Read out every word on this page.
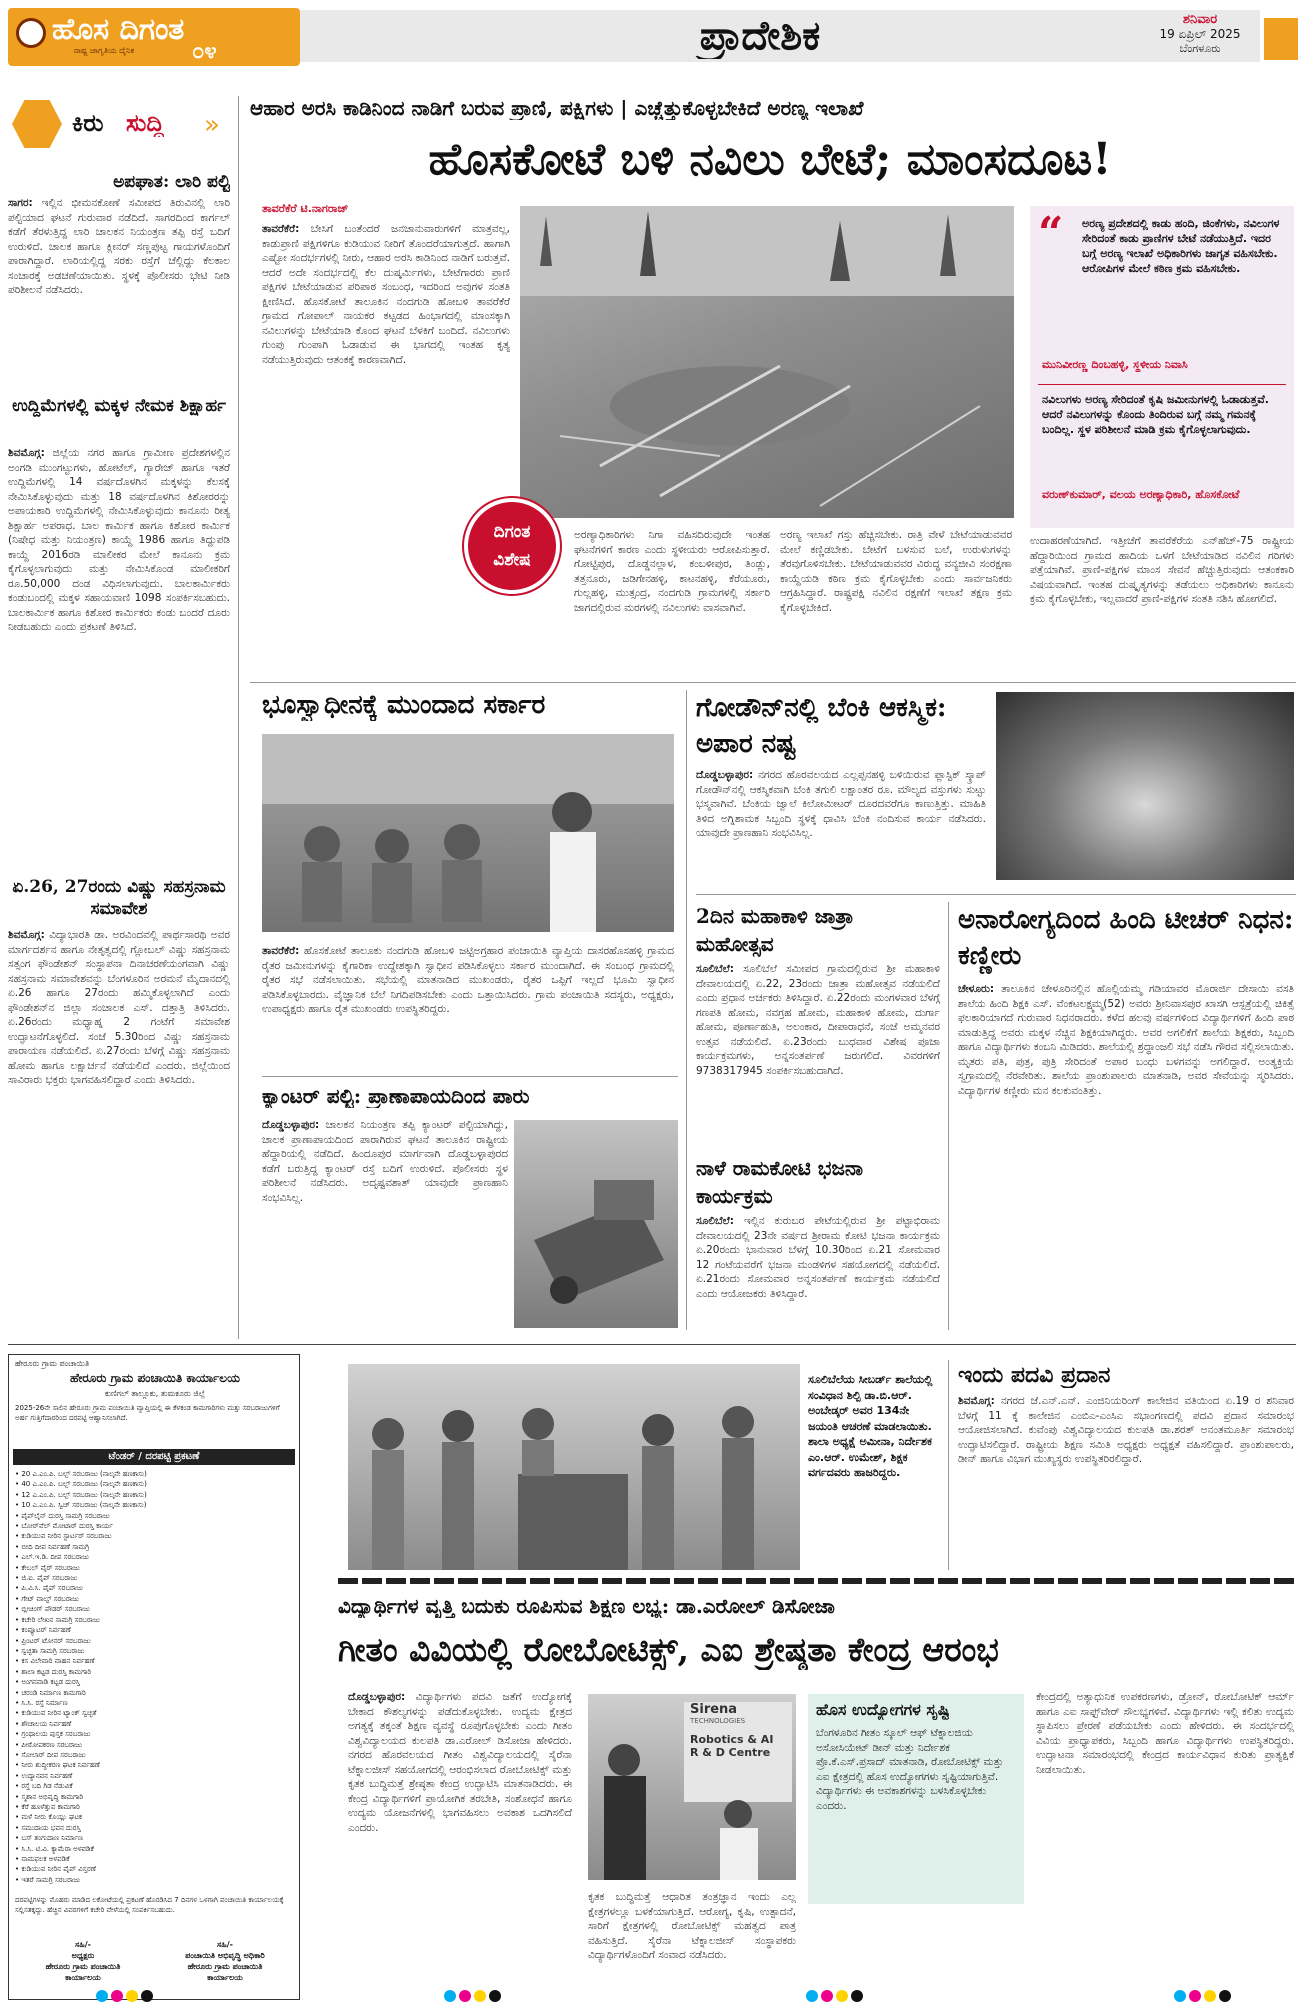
ಹೊಸ ದಿಗಂತ
ರಾಷ್ಟ್ರ ಜಾಗೃತಿಯ ದೈನಿಕ	೦೪	ಪ್ರಾದೇಶಿಕ	ಶನಿವಾರ
19 ಏಪ್ರಿಲ್ 2025
ಬೆಂಗಳೂರು
ಕಿರು ಸುದ್ದಿ »
ಅಪಘಾತ: ಲಾರಿ ಪಲ್ಟಿ
ಸಾಗರ: ಇಲ್ಲಿನ ಭೀಮನಕೋಣೆ ಸಮೀಪದ ತಿರುವಿನಲ್ಲಿ ಲಾರಿ ಪಲ್ಟಿಯಾದ ಘಟನೆ ಗುರುವಾರ ನಡೆದಿದೆ. ಸಾಗರದಿಂದ ಕಾರ್ಗಲ್ ಕಡೆಗೆ ತೆರಳುತ್ತಿದ್ದ ಲಾರಿ ಚಾಲಕನ ನಿಯಂತ್ರಣ ತಪ್ಪಿ ರಸ್ತೆ ಬದಿಗೆ ಉರುಳಿದೆ. ಚಾಲಕ ಹಾಗೂ ಕ್ಲೀನರ್ ಸಣ್ಣಪುಟ್ಟ ಗಾಯಗಳೊಂದಿಗೆ ಪಾರಾಗಿದ್ದಾರೆ. ಲಾರಿಯಲ್ಲಿದ್ದ ಸರಕು ರಸ್ತೆಗೆ ಚೆಲ್ಲಿದ್ದು ಕೆಲಕಾಲ ಸಂಚಾರಕ್ಕೆ ಅಡಚಣೆಯಾಯಿತು. ಸ್ಥಳಕ್ಕೆ ಪೊಲೀಸರು ಭೇಟಿ ನೀಡಿ ಪರಿಶೀಲನೆ ನಡೆಸಿದರು.
ಉದ್ದಿಮೆಗಳಲ್ಲಿ ಮಕ್ಕಳ ನೇಮಕ ಶಿಕ್ಷಾರ್ಹ
ಶಿವಮೊಗ್ಗ: ಜಿಲ್ಲೆಯ ನಗರ ಹಾಗೂ ಗ್ರಾಮೀಣ ಪ್ರದೇಶಗಳಲ್ಲಿನ ಅಂಗಡಿ ಮುಂಗಟ್ಟುಗಳು, ಹೋಟೆಲ್, ಗ್ಯಾರೇಜ್ ಹಾಗೂ ಇತರೆ ಉದ್ದಿಮೆಗಳಲ್ಲಿ 14 ವರ್ಷದೊಳಗಿನ ಮಕ್ಕಳನ್ನು ಕೆಲಸಕ್ಕೆ ನೇಮಿಸಿಕೊಳ್ಳುವುದು ಮತ್ತು 18 ವರ್ಷದೊಳಗಿನ ಕಿಶೋರರನ್ನು ಅಪಾಯಕಾರಿ ಉದ್ದಿಮೆಗಳಲ್ಲಿ ನೇಮಿಸಿಕೊಳ್ಳುವುದು ಕಾನೂನು ರೀತ್ಯ ಶಿಕ್ಷಾರ್ಹ ಅಪರಾಧ. ಬಾಲ ಕಾರ್ಮಿಕ ಹಾಗೂ ಕಿಶೋರ ಕಾರ್ಮಿಕ (ನಿಷೇಧ ಮತ್ತು ನಿಯಂತ್ರಣ) ಕಾಯ್ದೆ 1986 ಹಾಗೂ ತಿದ್ದುಪಡಿ ಕಾಯ್ದೆ 2016ರಡಿ ಮಾಲೀಕರ ಮೇಲೆ ಕಾನೂನು ಕ್ರಮ ಕೈಗೊಳ್ಳಲಾಗುವುದು ಮತ್ತು ನೇಮಿಸಿಕೊಂಡ ಮಾಲೀಕರಿಗೆ ರೂ.50,000 ದಂಡ ವಿಧಿಸಲಾಗುವುದು. ಬಾಲಕಾರ್ಮಿಕರು ಕಂಡುಬಂದಲ್ಲಿ ಮಕ್ಕಳ ಸಹಾಯವಾಣಿ 1098 ಸಂಪರ್ಕಿಸಬಹುದು. ಬಾಲಕಾರ್ಮಿಕ ಹಾಗೂ ಕಿಶೋರ ಕಾರ್ಮಿಕರು ಕಂಡು ಬಂದರೆ ದೂರು ನೀಡಬಹುದು ಎಂದು ಪ್ರಕಟಣೆ ತಿಳಿಸಿದೆ.
ಏ.26, 27ರಂದು ವಿಷ್ಣು ಸಹಸ್ರನಾಮ ಸಮಾವೇಶ
ಶಿವಮೊಗ್ಗ: ವಿದ್ಯಾಭಾರತಿ ಡಾ. ಅರವಿಂದವಲ್ಲಿ ಪಾರ್ಥಸಾರಥಿ ಅವರ ಮಾರ್ಗದರ್ಶನ ಹಾಗೂ ನೇತೃತ್ವದಲ್ಲಿ ಗ್ಲೋಬಲ್ ವಿಷ್ಣು ಸಹಸ್ರನಾಮ ಸತ್ಸಂಗ ಫೌಂಡೇಶನ್ ಸಂಸ್ಥಾಪನಾ ದಿನಾಚರಣೆಯಂಗವಾಗಿ ವಿಷ್ಣು ಸಹಸ್ರನಾಮ ಸಮಾವೇಶವನ್ನು ಬೆಂಗಳೂರಿನ ಅರಮನೆ ಮೈದಾನದಲ್ಲಿ ಏ.26 ಹಾಗೂ 27ರಂದು ಹಮ್ಮಿಕೊಳ್ಳಲಾಗಿದೆ ಎಂದು ಫೌಂಡೇಶನ್‌ನ ಜಿಲ್ಲಾ ಸಂಚಾಲಕ ಎಸ್. ದತ್ತಾತ್ರಿ ತಿಳಿಸಿದರು. ಏ.26ರಂದು ಮಧ್ಯಾಹ್ನ 2 ಗಂಟೆಗೆ ಸಮಾವೇಶ ಉದ್ಘಾಟನೆಗೊಳ್ಳಲಿದೆ. ಸಂಜೆ 5.30ರಿಂದ ವಿಷ್ಣು ಸಹಸ್ರನಾಮ ಪಾರಾಯಣ ನಡೆಯಲಿದೆ. ಏ.27ರಂದು ಬೆಳಗ್ಗೆ ವಿಷ್ಣು ಸಹಸ್ರನಾಮ ಹೋಮ ಹಾಗೂ ಲಕ್ಷಾರ್ಚನೆ ನಡೆಯಲಿದೆ ಎಂದರು. ಜಿಲ್ಲೆಯಿಂದ ಸಾವಿರಾರು ಭಕ್ತರು ಭಾಗವಹಿಸಲಿದ್ದಾರೆ ಎಂದು ತಿಳಿಸಿದರು.
ಆಹಾರ ಅರಸಿ ಕಾಡಿನಿಂದ ನಾಡಿಗೆ ಬರುವ ಪ್ರಾಣಿ, ಪಕ್ಷಿಗಳು | ಎಚ್ಚೆತ್ತುಕೊಳ್ಳಬೇಕಿದೆ ಅರಣ್ಯ ಇಲಾಖೆ
ಹೊಸಕೋಟೆ ಬಳಿ ನವಿಲು ಬೇಟೆ; ಮಾಂಸದೂಟ!
ತಾವರೆಕೆರೆ ಟಿ.ನಾಗರಾಜ್
ತಾವರೆಕೆರೆ: ಬೇಸಿಗೆ ಬಂತೆಂದರೆ ಜನಜಾನುವಾರುಗಳಿಗೆ ಮಾತ್ರವಲ್ಲ, ಕಾಡುಪ್ರಾಣಿ ಪಕ್ಷಿಗಳಿಗೂ ಕುಡಿಯುವ ನೀರಿಗೆ ತೊಂದರೆಯಾಗುತ್ತದೆ. ಹಾಗಾಗಿ ಎಷ್ಟೋ ಸಂದರ್ಭಗಳಲ್ಲಿ ನೀರು, ಆಹಾರ ಅರಸಿ ಕಾಡಿನಿಂದ ನಾಡಿಗೆ ಬರುತ್ತವೆ. ಆದರೆ ಅದೇ ಸಂದರ್ಭದಲ್ಲಿ ಕೆಲ ದುಷ್ಕರ್ಮಿಗಳು, ಬೇಟೆಗಾರರು ಪ್ರಾಣಿ ಪಕ್ಷಿಗಳ ಬೇಟೆಯಾಡುವ ಪರಿಪಾಠ ಸಂಬಂಧ, ಇದರಿಂದ ಅವುಗಳ ಸಂತತಿ ಕ್ಷೀಣಿಸಿದೆ. ಹೊಸಕೋಟೆ ತಾಲೂಕಿನ ನಂದಗುಡಿ ಹೋಬಳಿ ತಾವರೆಕೆರೆ ಗ್ರಾಮದ ಗೋಪಾಲ್ ನಾಯಕರ ಕಟ್ಟಡದ ಹಿಂಭಾಗದಲ್ಲಿ ಮಾಂಸಕ್ಕಾಗಿ ನವಿಲುಗಳನ್ನು ಬೇಟೆಯಾಡಿ ಕೊಂದ ಘಟನೆ ಬೆಳಕಿಗೆ ಬಂದಿದೆ. ನವಿಲುಗಳು ಗುಂಪು ಗುಂಪಾಗಿ ಓಡಾಡುವ ಈ ಭಾಗದಲ್ಲಿ ಇಂತಹ ಕೃತ್ಯ ನಡೆಯುತ್ತಿರುವುದು ಆತಂಕಕ್ಕೆ ಕಾರಣವಾಗಿದೆ.
ದಿಗಂತ
ವಿಶೇಷ
ಅರಣ್ಯಾಧಿಕಾರಿಗಳು ನಿಗಾ ವಹಿಸದಿರುವುದೇ ಇಂತಹ ಘಟನೆಗಳಿಗೆ ಕಾರಣ ಎಂದು ಸ್ಥಳೀಯರು ಆರೋಪಿಸುತ್ತಾರೆ. ಗೋಟ್ಟಿಪುರ, ದೊಡ್ಡನಲ್ಲಾಳ, ಕಂಬಳೀಪುರ, ತಿಂಡ್ಲು, ತತ್ತನೂರು, ಜಡಿಗೇನಹಳ್ಳಿ, ಕಾಟನಹಳ್ಳಿ, ಕೆರೆಯೂರು, ಗುಲ್ಲಹಳ್ಳಿ, ಮುತ್ಸಂದ್ರ, ನಂದಗುಡಿ ಗ್ರಾಮಗಳಲ್ಲಿ ಸರ್ಕಾರಿ ಜಾಗದಲ್ಲಿರುವ ಮರಗಳಲ್ಲಿ ನವಿಲುಗಳು ವಾಸವಾಗಿವೆ.
ಅರಣ್ಯ ಇಲಾಖೆ ಗಸ್ತು ಹೆಚ್ಚಿಸಬೇಕು. ರಾತ್ರಿ ವೇಳೆ ಬೇಟೆಯಾಡುವವರ ಮೇಲೆ ಕಣ್ಣಿಡಬೇಕು. ಬೇಟೆಗೆ ಬಳಸುವ ಬಲೆ, ಉರುಳುಗಳನ್ನು ತೆರವುಗೊಳಿಸಬೇಕು. ಬೇಟೆಯಾಡುವವರ ವಿರುದ್ಧ ವನ್ಯಜೀವಿ ಸಂರಕ್ಷಣಾ ಕಾಯ್ದೆಯಡಿ ಕಠಿಣ ಕ್ರಮ ಕೈಗೊಳ್ಳಬೇಕು ಎಂದು ಸಾರ್ವಜನಿಕರು ಆಗ್ರಹಿಸಿದ್ದಾರೆ. ರಾಷ್ಟ್ರಪಕ್ಷಿ ನವಿಲಿನ ರಕ್ಷಣೆಗೆ ಇಲಾಖೆ ತಕ್ಷಣ ಕ್ರಮ ಕೈಗೊಳ್ಳಬೇಕಿದೆ.
“ ಅರಣ್ಯ ಪ್ರದೇಶದಲ್ಲಿ ಕಾಡು ಹಂದಿ, ಜಿಂಕೆಗಳು, ನವಿಲುಗಳ ಸೇರಿದಂತೆ ಕಾಡು ಪ್ರಾಣಿಗಳ ಬೇಟೆ ನಡೆಯುತ್ತಿದೆ. ಇದರ ಬಗ್ಗೆ ಅರಣ್ಯ ಇಲಾಖೆ ಅಧಿಕಾರಿಗಳು ಜಾಗೃತ ವಹಿಸಬೇಕು. ಆರೋಪಿಗಳ ಮೇಲೆ ಕಠಿಣ ಕ್ರಮ ವಹಿಸಬೇಕು.
ಮುನಿವೀರಣ್ಣ ದಿಂಬಹಳ್ಳಿ, ಸ್ಥಳೀಯ ನಿವಾಸಿ
ನವಿಲುಗಳು ಅರಣ್ಯ ಸೇರಿದಂತೆ ಕೃಷಿ ಜಮೀನುಗಳಲ್ಲಿ ಓಡಾಡುತ್ತವೆ. ಆದರೆ ನವಿಲುಗಳನ್ನು ಕೊಂದು ತಿಂದಿರುವ ಬಗ್ಗೆ ನಮ್ಮ ಗಮನಕ್ಕೆ ಬಂದಿಲ್ಲ. ಸ್ಥಳ ಪರಿಶೀಲನೆ ಮಾಡಿ ಕ್ರಮ ಕೈಗೊಳ್ಳಲಾಗುವುದು.
ವರುಣ್‌ಕುಮಾರ್, ವಲಯ ಅರಣ್ಯಾಧಿಕಾರಿ, ಹೊಸಕೋಟೆ
ಉದಾಹರಣೆಯಾಗಿದೆ. ಇತ್ತೀಚೆಗೆ ತಾವರೆಕೆರೆಯ ಎನ್‌ಹೆಚ್-75 ರಾಷ್ಟ್ರೀಯ ಹೆದ್ದಾರಿಯಿಂದ ಗ್ರಾಮದ ಹಾದಿಯ ಒಳಗೆ ಬೇಟೆಯಾಡಿದ ನವಿಲಿನ ಗರಿಗಳು ಪತ್ತೆಯಾಗಿವೆ. ಪ್ರಾಣಿ-ಪಕ್ಷಿಗಳ ಮಾಂಸ ಸೇವನೆ ಹೆಚ್ಚುತ್ತಿರುವುದು ಆತಂಕಕಾರಿ ವಿಷಯವಾಗಿದೆ. ಇಂತಹ ದುಷ್ಕೃತ್ಯಗಳನ್ನು ತಡೆಯಲು ಅಧಿಕಾರಿಗಳು ಕಾನೂನು ಕ್ರಮ ಕೈಗೊಳ್ಳಬೇಕು, ಇಲ್ಲವಾದರೆ ಪ್ರಾಣಿ-ಪಕ್ಷಿಗಳ ಸಂತತಿ ನಶಿಸಿ ಹೋಗಲಿದೆ.
ಭೂಸ್ವಾಧೀನಕ್ಕೆ ಮುಂದಾದ ಸರ್ಕಾರ
ತಾವರೆಕೆರೆ: ಹೊಸಕೋಟೆ ತಾಲೂಕು ನಂದಗುಡಿ ಹೋಬಳಿ ಜಟ್ಟಿಅಗ್ರಹಾರ ಪಂಚಾಯಿತಿ ವ್ಯಾಪ್ತಿಯ ದಾಸರಹೊಸಹಳ್ಳಿ ಗ್ರಾಮದ ರೈತರ ಜಮೀನುಗಳನ್ನು ಕೈಗಾರಿಕಾ ಉದ್ದೇಶಕ್ಕಾಗಿ ಸ್ವಾಧೀನ ಪಡಿಸಿಕೊಳ್ಳಲು ಸರ್ಕಾರ ಮುಂದಾಗಿದೆ. ಈ ಸಂಬಂಧ ಗ್ರಾಮದಲ್ಲಿ ರೈತರ ಸಭೆ ನಡೆಸಲಾಯಿತು. ಸಭೆಯಲ್ಲಿ ಮಾತನಾಡಿದ ಮುಖಂಡರು, ರೈತರ ಒಪ್ಪಿಗೆ ಇಲ್ಲದೆ ಭೂಮಿ ಸ್ವಾಧೀನ ಪಡಿಸಿಕೊಳ್ಳಬಾರದು. ವೈಜ್ಞಾನಿಕ ಬೆಲೆ ನಿಗದಿಪಡಿಸಬೇಕು ಎಂದು ಒತ್ತಾಯಿಸಿದರು. ಗ್ರಾಮ ಪಂಚಾಯಿತಿ ಸದಸ್ಯರು, ಅಧ್ಯಕ್ಷರು, ಉಪಾಧ್ಯಕ್ಷರು ಹಾಗೂ ರೈತ ಮುಖಂಡರು ಉಪಸ್ಥಿತರಿದ್ದರು.
ಕ್ಯಾಂಟರ್ ಪಲ್ಟಿ: ಪ್ರಾಣಾಪಾಯದಿಂದ ಪಾರು
ದೊಡ್ಡಬಳ್ಳಾಪುರ: ಚಾಲಕನ ನಿಯಂತ್ರಣ ತಪ್ಪಿ ಕ್ಯಾಂಟರ್ ಪಲ್ಟಿಯಾಗಿದ್ದು, ಚಾಲಕ ಪ್ರಾಣಾಪಾಯದಿಂದ ಪಾರಾಗಿರುವ ಘಟನೆ ತಾಲೂಕಿನ ರಾಷ್ಟ್ರೀಯ ಹೆದ್ದಾರಿಯಲ್ಲಿ ನಡೆದಿದೆ. ಹಿಂದೂಪುರ ಮಾರ್ಗವಾಗಿ ದೊಡ್ಡಬಳ್ಳಾಪುರದ ಕಡೆಗೆ ಬರುತ್ತಿದ್ದ ಕ್ಯಾಂಟರ್ ರಸ್ತೆ ಬದಿಗೆ ಉರುಳಿದೆ. ಪೊಲೀಸರು ಸ್ಥಳ ಪರಿಶೀಲನೆ ನಡೆಸಿದರು. ಅದೃಷ್ಟವಶಾತ್ ಯಾವುದೇ ಪ್ರಾಣಹಾನಿ ಸಂಭವಿಸಿಲ್ಲ.
ಗೋಡೌನ್‌ನಲ್ಲಿ ಬೆಂಕಿ ಆಕಸ್ಮಿಕ: ಅಪಾರ ನಷ್ಟ
ದೊಡ್ಡಬಳ್ಳಾಪುರ: ನಗರದ ಹೊರವಲಯದ ಎಲ್ಲಪ್ಪನಹಳ್ಳಿ ಬಳಿಯಿರುವ ಪ್ಲಾಸ್ಟಿಕ್ ಸ್ಕ್ರಾಪ್ ಗೋಡೌನ್‌ನಲ್ಲಿ ಆಕಸ್ಮಿಕವಾಗಿ ಬೆಂಕಿ ತಗುಲಿ ಲಕ್ಷಾಂತರ ರೂ. ಮೌಲ್ಯದ ವಸ್ತುಗಳು ಸುಟ್ಟು ಭಸ್ಮವಾಗಿವೆ. ಬೆಂಕಿಯ ಜ್ವಾಲೆ ಕಿಲೋಮೀಟರ್ ದೂರದವರೆಗೂ ಕಾಣುತ್ತಿತ್ತು. ಮಾಹಿತಿ ತಿಳಿದ ಅಗ್ನಿಶಾಮಕ ಸಿಬ್ಬಂದಿ ಸ್ಥಳಕ್ಕೆ ಧಾವಿಸಿ ಬೆಂಕಿ ನಂದಿಸುವ ಕಾರ್ಯ ನಡೆಸಿದರು. ಯಾವುದೇ ಪ್ರಾಣಹಾನಿ ಸಂಭವಿಸಿಲ್ಲ.
2ದಿನ ಮಹಾಕಾಳಿ ಜಾತ್ರಾ ಮಹೋತ್ಸವ
ಸೂಲಿಬೆಲೆ: ಸೂಲಿಬೆಲೆ ಸಮೀಪದ ಗ್ರಾಮದಲ್ಲಿರುವ ಶ್ರೀ ಮಹಾಕಾಳಿ ದೇವಾಲಯದಲ್ಲಿ ಏ.22, 23ರಂದು ಜಾತ್ರಾ ಮಹೋತ್ಸವ ನಡೆಯಲಿದೆ ಎಂದು ಪ್ರಧಾನ ಅರ್ಚಕರು ತಿಳಿಸಿದ್ದಾರೆ. ಏ.22ರಂದು ಮಂಗಳವಾರ ಬೆಳಗ್ಗೆ ಗಣಪತಿ ಹೋಮ, ನವಗ್ರಹ ಹೋಮ, ಮಹಾಕಾಳಿ ಹೋಮ, ದುರ್ಗಾ ಹೋಮ, ಪೂರ್ಣಾಹುತಿ, ಅಲಂಕಾರ, ದೀಪಾರಾಧನೆ, ಸಂಜೆ ಅಮ್ಮನವರ ಉತ್ಸವ ನಡೆಯಲಿದೆ. ಏ.23ರಂದು ಬುಧವಾರ ವಿಶೇಷ ಪೂಜಾ ಕಾರ್ಯಕ್ರಮಗಳು, ಅನ್ನಸಂತರ್ಪಣೆ ಜರುಗಲಿದೆ. ವಿವರಗಳಿಗೆ 9738317945 ಸಂಪರ್ಕಿಸಬಹುದಾಗಿದೆ.
ನಾಳೆ ರಾಮಕೋಟಿ ಭಜನಾ ಕಾರ್ಯಕ್ರಮ
ಸೂಲಿಬೆಲೆ: ಇಲ್ಲಿನ ಕುರುಬರ ಪೇಟೆಯಲ್ಲಿರುವ ಶ್ರೀ ಪಟ್ಟಾಭಿರಾಮ ದೇವಾಲಯದಲ್ಲಿ 23ನೇ ವರ್ಷದ ಶ್ರೀರಾಮ ಕೋಟಿ ಭಜನಾ ಕಾರ್ಯಕ್ರಮ ಏ.20ರಂದು ಭಾನುವಾರ ಬೆಳಗ್ಗೆ 10.30ರಿಂದ ಏ.21 ಸೋಮವಾರ 12 ಗಂಟೆಯವರೆಗೆ ಭಜನಾ ಮಂಡಳಿಗಳ ಸಹಯೋಗದಲ್ಲಿ ನಡೆಯಲಿದೆ. ಏ.21ರಂದು ಸೋಮವಾರ ಅನ್ನಸಂತರ್ಪಣೆ ಕಾರ್ಯಕ್ರಮ ನಡೆಯಲಿದೆ ಎಂದು ಆಯೋಜಕರು ತಿಳಿಸಿದ್ದಾರೆ.
ಅನಾರೋಗ್ಯದಿಂದ ಹಿಂದಿ ಟೀಚರ್ ನಿಧನ: ಕಣ್ಣೀರು
ಚೇಳೂರು: ತಾಲೂಕಿನ ಚೇಳೂರಿನಲ್ಲಿನ ಹೊಲ್ಲಿಯಮ್ಮ ಗಡಿಯಾವರ ಮೊರಾರ್ಜಿ ದೇಸಾಯಿ ವಸತಿ ಶಾಲೆಯ ಹಿಂದಿ ಶಿಕ್ಷಕಿ ಎಸ್. ವೆಂಕಟಲಕ್ಷ್ಮಮ್ಮ(52) ಅವರು ಶ್ರೀನಿವಾಸಪುರ ಖಾಸಗಿ ಆಸ್ಪತ್ರೆಯಲ್ಲಿ ಚಿಕಿತ್ಸೆ ಫಲಕಾರಿಯಾಗದೆ ಗುರುವಾರ ನಿಧನರಾದರು. ಕಳೆದ ಹಲವು ವರ್ಷಗಳಿಂದ ವಿದ್ಯಾರ್ಥಿಗಳಿಗೆ ಹಿಂದಿ ಪಾಠ ಮಾಡುತ್ತಿದ್ದ ಅವರು ಮಕ್ಕಳ ನೆಚ್ಚಿನ ಶಿಕ್ಷಕಿಯಾಗಿದ್ದರು. ಅವರ ಅಗಲಿಕೆಗೆ ಶಾಲೆಯ ಶಿಕ್ಷಕರು, ಸಿಬ್ಬಂದಿ ಹಾಗೂ ವಿದ್ಯಾರ್ಥಿಗಳು ಕಂಬನಿ ಮಿಡಿದರು. ಶಾಲೆಯಲ್ಲಿ ಶ್ರದ್ಧಾಂಜಲಿ ಸಭೆ ನಡೆಸಿ ಗೌರವ ಸಲ್ಲಿಸಲಾಯಿತು. ಮೃತರು ಪತಿ, ಪುತ್ರ, ಪುತ್ರಿ ಸೇರಿದಂತೆ ಅಪಾರ ಬಂಧು ಬಳಗವನ್ನು ಅಗಲಿದ್ದಾರೆ. ಅಂತ್ಯಕ್ರಿಯೆ ಸ್ವಗ್ರಾಮದಲ್ಲಿ ನೆರವೇರಿತು. ಶಾಲೆಯ ಪ್ರಾಂಶುಪಾಲರು ಮಾತನಾಡಿ, ಅವರ ಸೇವೆಯನ್ನು ಸ್ಮರಿಸಿದರು. ವಿದ್ಯಾರ್ಥಿಗಳ ಕಣ್ಣೀರು ಮನ ಕಲಕುವಂತಿತ್ತು.
ಹೇರೂರು ಗ್ರಾಮ ಪಂಚಾಯಿತಿ
ಹೇರೂರು ಗ್ರಾಮ ಪಂಚಾಯಿತಿ ಕಾರ್ಯಾಲಯ
ಕುಣಿಗಲ್ ತಾಲ್ಲೂಕು, ತುಮಕೂರು ಜಿಲ್ಲೆ
2025-26ನೇ ಸಾಲಿನ ಹೇರೂರು ಗ್ರಾಮ ಪಂಚಾಯಿತಿ ವ್ಯಾಪ್ತಿಯಲ್ಲಿ ಈ ಕೆಳಕಂಡ ಕಾಮಗಾರಿಗಳು ಮತ್ತು ಸರಬರಾಜುಗಳಿಗೆ ಅರ್ಹ ಗುತ್ತಿಗೆದಾರರಿಂದ ದರಪಟ್ಟಿ ಆಹ್ವಾನಿಸಲಾಗಿದೆ.
ಟೆಂಡರ್ / ದರಪಟ್ಟಿ ಪ್ರಕಟಣೆ
• 20 ಎ.ಎಂ.ಪಿ. ಬಲ್ಬ್ ಸರಬರಾಜು (ನಾಲ್ಕನೇ ಹಣಕಾಸು)
• 40 ಎ.ಎಂ.ಪಿ. ಬಲ್ಬ್ ಸರಬರಾಜು (ನಾಲ್ಕನೇ ಹಣಕಾಸು)
• 12 ಎ.ಎಂ.ಪಿ. ಬಲ್ಬ್ ಸರಬರಾಜು (ನಾಲ್ಕನೇ ಹಣಕಾಸು)
• 10 ಎ.ಎಂ.ಪಿ. ಸ್ವಿಚ್ ಸರಬರಾಜು (ನಾಲ್ಕನೇ ಹಣಕಾಸು)
• ಪೈಪ್‌ಲೈನ್ ದುರಸ್ತಿ ಸಾಮಗ್ರಿ ಸರಬರಾಜು
• ಬೋರ್‌ವೆಲ್ ಮೋಟಾರ್ ದುರಸ್ತಿ ಕಾರ್ಯ
• ಕುಡಿಯುವ ನೀರಿನ ಸ್ಟಾರ್ಟರ್ ಸರಬರಾಜು
• ಬೀದಿ ದೀಪ ನಿರ್ವಹಣೆ ಸಾಮಗ್ರಿ
• ಎಲ್.ಇ.ಡಿ. ದೀಪ ಸರಬರಾಜು
• ಕೇಬಲ್ ವೈರ್ ಸರಬರಾಜು
• ಜಿ.ಐ. ಪೈಪ್ ಸರಬರಾಜು
• ಪಿ.ವಿ.ಸಿ. ಪೈಪ್ ಸರಬರಾಜು
• ಗೇಟ್ ವಾಲ್ವ್ ಸರಬರಾಜು
• ಬ್ಲೀಚಿಂಗ್ ಪೌಡರ್ ಸರಬರಾಜು
• ಕಚೇರಿ ಲೇಖನ ಸಾಮಗ್ರಿ ಸರಬರಾಜು
• ಕಂಪ್ಯೂಟರ್ ನಿರ್ವಹಣೆ
• ಪ್ರಿಂಟರ್ ಟೋನರ್ ಸರಬರಾಜು
• ಸ್ವಚ್ಛತಾ ಸಾಮಗ್ರಿ ಸರಬರಾಜು
• ಕಸ ವಿಲೇವಾರಿ ವಾಹನ ನಿರ್ವಹಣೆ
• ಶಾಲಾ ಕಟ್ಟಡ ದುರಸ್ತಿ ಕಾಮಗಾರಿ
• ಅಂಗನವಾಡಿ ಕಟ್ಟಡ ದುರಸ್ತಿ
• ಚರಂಡಿ ನಿರ್ಮಾಣ ಕಾಮಗಾರಿ
• ಸಿ.ಸಿ. ರಸ್ತೆ ನಿರ್ಮಾಣ
• ಕುಡಿಯುವ ನೀರಿನ ಟ್ಯಾಂಕ್ ಸ್ವಚ್ಛತೆ
• ಶೌಚಾಲಯ ನಿರ್ವಹಣೆ
• ಗ್ರಂಥಾಲಯ ಪುಸ್ತಕ ಸರಬರಾಜು
• ಪೀಠೋಪಕರಣ ಸರಬರಾಜು
• ಸೋಲಾರ್ ದೀಪ ಸರಬರಾಜು
• ನೀರು ಶುದ್ಧೀಕರಣ ಘಟಕ ನಿರ್ವಹಣೆ
• ಉದ್ಯಾನವನ ನಿರ್ವಹಣೆ
• ರಸ್ತೆ ಬದಿ ಗಿಡ ನೆಡುವಿಕೆ
• ಸ್ಮಶಾನ ಅಭಿವೃದ್ಧಿ ಕಾಮಗಾರಿ
• ಕೆರೆ ಹೂಳೆತ್ತುವ ಕಾಮಗಾರಿ
• ಮಳೆ ನೀರು ಕೊಯ್ಲು ಘಟಕ
• ಸಮುದಾಯ ಭವನ ದುರಸ್ತಿ
• ಬಸ್ ತಂಗುದಾಣ ನಿರ್ಮಾಣ
• ಸಿ.ಸಿ. ಟಿ.ವಿ. ಕ್ಯಾಮೆರಾ ಅಳವಡಿಕೆ
• ನಾಮಫಲಕ ಅಳವಡಿಕೆ
• ಕುಡಿಯುವ ನೀರಿನ ಪೈಪ್ ವಿಸ್ತರಣೆ
• ಇತರೆ ಸಾಮಗ್ರಿ ಸರಬರಾಜು
ದರಪಟ್ಟಿಗಳನ್ನು ಮೊಹರು ಮಾಡಿದ ಲಕೋಟೆಯಲ್ಲಿ ಪ್ರಕಟಣೆ ಹೊರಡಿಸಿದ 7 ದಿನಗಳ ಒಳಗಾಗಿ ಪಂಚಾಯಿತಿ ಕಾರ್ಯಾಲಯಕ್ಕೆ ಸಲ್ಲಿಸತಕ್ಕದ್ದು. ಹೆಚ್ಚಿನ ವಿವರಗಳಿಗೆ ಕಚೇರಿ ವೇಳೆಯಲ್ಲಿ ಸಂಪರ್ಕಿಸಬಹುದು.
ಸಹಿ/-
ಅಧ್ಯಕ್ಷರು
ಹೇರೂರು ಗ್ರಾಮ ಪಂಚಾಯಿತಿ
ಕಾರ್ಯಾಲಯ
ಸಹಿ/-
ಪಂಚಾಯಿತಿ ಅಭಿವೃದ್ಧಿ ಅಧಿಕಾರಿ
ಹೇರೂರು ಗ್ರಾಮ ಪಂಚಾಯಿತಿ
ಕಾರ್ಯಾಲಯ
ಸೂಲಿಬೆಲೆಯ ಸೀಬರ್ಡ್ ಶಾಲೆಯಲ್ಲಿ ಸಂವಿಧಾನ ಶಿಲ್ಪಿ ಡಾ.ಬಿ.ಆರ್. ಅಂಬೇಡ್ಕರ್ ಅವರ 134ನೇ ಜಯಂತಿ ಆಚರಣೆ ಮಾಡಲಾಯಿತು. ಶಾಲಾ ಅಧ್ಯಕ್ಷೆ ಅಮೀನಾ, ನಿರ್ದೇಶಕ ಎಂ.ಆರ್. ಉಮೇಶ್, ಶಿಕ್ಷಕ ವರ್ಗದವರು ಹಾಜರಿದ್ದರು.
ಇಂದು ಪದವಿ ಪ್ರದಾನ
ಶಿವಮೊಗ್ಗ: ನಗರದ ಜೆ.ಎನ್.ಎನ್. ಎಂಜಿನಿಯರಿಂಗ್ ಕಾಲೇಜಿನ ವತಿಯಿಂದ ಏ.19 ರ ಶನಿವಾರ ಬೆಳಗ್ಗೆ 11 ಕ್ಕೆ ಕಾಲೇಜಿನ ಎಂಬಿಎ-ಎಂಸಿಎ ಸಭಾಂಗಣದಲ್ಲಿ ಪದವಿ ಪ್ರದಾನ ಸಮಾರಂಭ ಆಯೋಜಿಸಲಾಗಿದೆ. ಕುವೆಂಪು ವಿಶ್ವವಿದ್ಯಾಲಯದ ಕುಲಪತಿ ಡಾ.ಶರತ್ ಅನಂತಮೂರ್ತಿ ಸಮಾರಂಭ ಉದ್ಘಾಟಿಸಲಿದ್ದಾರೆ. ರಾಷ್ಟ್ರೀಯ ಶಿಕ್ಷಣ ಸಮಿತಿ ಅಧ್ಯಕ್ಷರು ಅಧ್ಯಕ್ಷತೆ ವಹಿಸಲಿದ್ದಾರೆ. ಪ್ರಾಂಶುಪಾಲರು, ಡೀನ್ ಹಾಗೂ ವಿಭಾಗ ಮುಖ್ಯಸ್ಥರು ಉಪಸ್ಥಿತರಿರಲಿದ್ದಾರೆ.
ವಿದ್ಯಾರ್ಥಿಗಳ ವೃತ್ತಿ ಬದುಕು ರೂಪಿಸುವ ಶಿಕ್ಷಣ ಲಭ್ಯ: ಡಾ.ಎರೋಲ್ ಡಿಸೋಜಾ
ಗೀತಂ ವಿವಿಯಲ್ಲಿ ರೋಬೋಟಿಕ್ಸ್, ಎಐ ಶ್ರೇಷ್ಠತಾ ಕೇಂದ್ರ ಆರಂಭ
ದೊಡ್ಡಬಳ್ಳಾಪುರ: ವಿದ್ಯಾರ್ಥಿಗಳು ಪದವಿ ಜತೆಗೆ ಉದ್ಯೋಗಕ್ಕೆ ಬೇಕಾದ ಕೌಶಲ್ಯಗಳನ್ನು ಪಡೆದುಕೊಳ್ಳಬೇಕು. ಉದ್ಯಮ ಕ್ಷೇತ್ರದ ಅಗತ್ಯಕ್ಕೆ ತಕ್ಕಂತೆ ಶಿಕ್ಷಣ ವ್ಯವಸ್ಥೆ ರೂಪುಗೊಳ್ಳಬೇಕು ಎಂದು ಗೀತಂ ವಿಶ್ವವಿದ್ಯಾಲಯದ ಕುಲಪತಿ ಡಾ.ಎರೋಲ್ ಡಿಸೋಜಾ ಹೇಳಿದರು. ನಗರದ ಹೊರವಲಯದ ಗೀತಂ ವಿಶ್ವವಿದ್ಯಾಲಯದಲ್ಲಿ ಸೈರೆನಾ ಟೆಕ್ನಾಲಜೀಸ್ ಸಹಯೋಗದಲ್ಲಿ ಆರಂಭಿಸಲಾದ ರೋಬೋಟಿಕ್ಸ್ ಮತ್ತು ಕೃತಕ ಬುದ್ಧಿಮತ್ತೆ ಶ್ರೇಷ್ಠತಾ ಕೇಂದ್ರ ಉದ್ಘಾಟಿಸಿ ಮಾತನಾಡಿದರು. ಈ ಕೇಂದ್ರ ವಿದ್ಯಾರ್ಥಿಗಳಿಗೆ ಪ್ರಾಯೋಗಿಕ ತರಬೇತಿ, ಸಂಶೋಧನೆ ಹಾಗೂ ಉದ್ಯಮ ಯೋಜನೆಗಳಲ್ಲಿ ಭಾಗವಹಿಸಲು ಅವಕಾಶ ಒದಗಿಸಲಿದೆ ಎಂದರು.
Sirena
TECHNOLOGIES
Robotics & AI
R & D Centre
ಕೃತಕ ಬುದ್ಧಿಮತ್ತೆ ಆಧಾರಿತ ತಂತ್ರಜ್ಞಾನ ಇಂದು ಎಲ್ಲ ಕ್ಷೇತ್ರಗಳಲ್ಲೂ ಬಳಕೆಯಾಗುತ್ತಿದೆ. ಆರೋಗ್ಯ, ಕೃಷಿ, ಉತ್ಪಾದನೆ, ಸಾರಿಗೆ ಕ್ಷೇತ್ರಗಳಲ್ಲಿ ರೋಬೋಟಿಕ್ಸ್ ಮಹತ್ವದ ಪಾತ್ರ ವಹಿಸುತ್ತಿದೆ. ಸೈರೆನಾ ಟೆಕ್ನಾಲಜೀಸ್ ಸಂಸ್ಥಾಪಕರು ವಿದ್ಯಾರ್ಥಿಗಳೊಂದಿಗೆ ಸಂವಾದ ನಡೆಸಿದರು.
ಹೊಸ ಉದ್ಯೋಗಗಳ ಸೃಷ್ಟಿ
ಬೆಂಗಳೂರಿನ ಗೀತಂ ಸ್ಕೂಲ್ ಆಫ್ ಟೆಕ್ನಾಲಜಿಯ ಅಸೋಸಿಯೇಟ್ ಡೀನ್ ಮತ್ತು ನಿರ್ದೇಶಕ ಪ್ರೊ.ಕೆ.ಎಸ್.ಪ್ರಸಾದ್ ಮಾತನಾಡಿ, ರೋಬೋಟಿಕ್ಸ್ ಮತ್ತು ಎಐ ಕ್ಷೇತ್ರದಲ್ಲಿ ಹೊಸ ಉದ್ಯೋಗಗಳು ಸೃಷ್ಟಿಯಾಗುತ್ತಿವೆ. ವಿದ್ಯಾರ್ಥಿಗಳು ಈ ಅವಕಾಶಗಳನ್ನು ಬಳಸಿಕೊಳ್ಳಬೇಕು ಎಂದರು.
ಕೇಂದ್ರದಲ್ಲಿ ಅತ್ಯಾಧುನಿಕ ಉಪಕರಣಗಳು, ಡ್ರೋನ್, ರೋಬೋಟಿಕ್ ಆರ್ಮ್ ಹಾಗೂ ಎಐ ಸಾಫ್ಟ್‌ವೇರ್ ಸೌಲಭ್ಯಗಳಿವೆ. ವಿದ್ಯಾರ್ಥಿಗಳು ಇಲ್ಲಿ ಕಲಿತು ಉದ್ಯಮ ಸ್ಥಾಪಿಸಲು ಪ್ರೇರಣೆ ಪಡೆಯಬೇಕು ಎಂದು ಹೇಳಿದರು. ಈ ಸಂದರ್ಭದಲ್ಲಿ ವಿವಿಯ ಪ್ರಾಧ್ಯಾಪಕರು, ಸಿಬ್ಬಂದಿ ಹಾಗೂ ವಿದ್ಯಾರ್ಥಿಗಳು ಉಪಸ್ಥಿತರಿದ್ದರು. ಉದ್ಘಾಟನಾ ಸಮಾರಂಭದಲ್ಲಿ ಕೇಂದ್ರದ ಕಾರ್ಯವಿಧಾನ ಕುರಿತು ಪ್ರಾತ್ಯಕ್ಷಿಕೆ ನೀಡಲಾಯಿತು.
